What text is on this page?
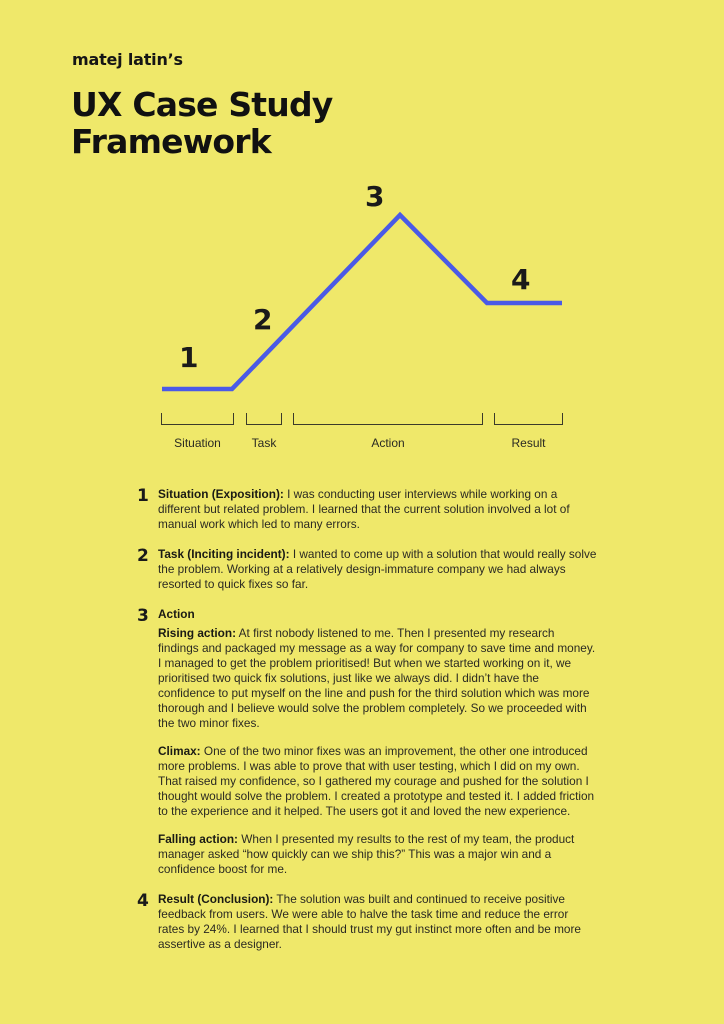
matej latin’s
UX Case Study
Framework
1
2
3
4
Situation	Task	Action	Result
1 Situation (Exposition): I was conducting user interviews while working on a different but related problem. I learned that the current solution involved a lot of manual work which led to many errors.

2 Task (Inciting incident): I wanted to come up with a solution that would really solve the problem. Working at a relatively design-immature company we had always resorted to quick fixes so far.

3 Action

Rising action: At first nobody listened to me. Then I presented my research findings and packaged my message as a way for company to save time and money. I managed to get the problem prioritised! But when we started working on it, we prioritised two quick fix solutions, just like we always did. I didn’t have the confidence to put myself on the line and push for the third solution which was more thorough and I believe would solve the problem completely. So we proceeded with the two minor fixes.

Climax: One of the two minor fixes was an improvement, the other one introduced more problems. I was able to prove that with user testing, which I did on my own. That raised my confidence, so I gathered my courage and pushed for the solution I thought would solve the problem. I created a prototype and tested it. I added friction to the experience and it helped. The users got it and loved the new experience.

Falling action: When I presented my results to the rest of my team, the product manager asked “how quickly can we ship this?” This was a major win and a confidence boost for me.

4 Result (Conclusion): The solution was built and continued to receive positive feedback from users. We were able to halve the task time and reduce the error rates by 24%. I learned that I should trust my gut instinct more often and be more assertive as a designer.
